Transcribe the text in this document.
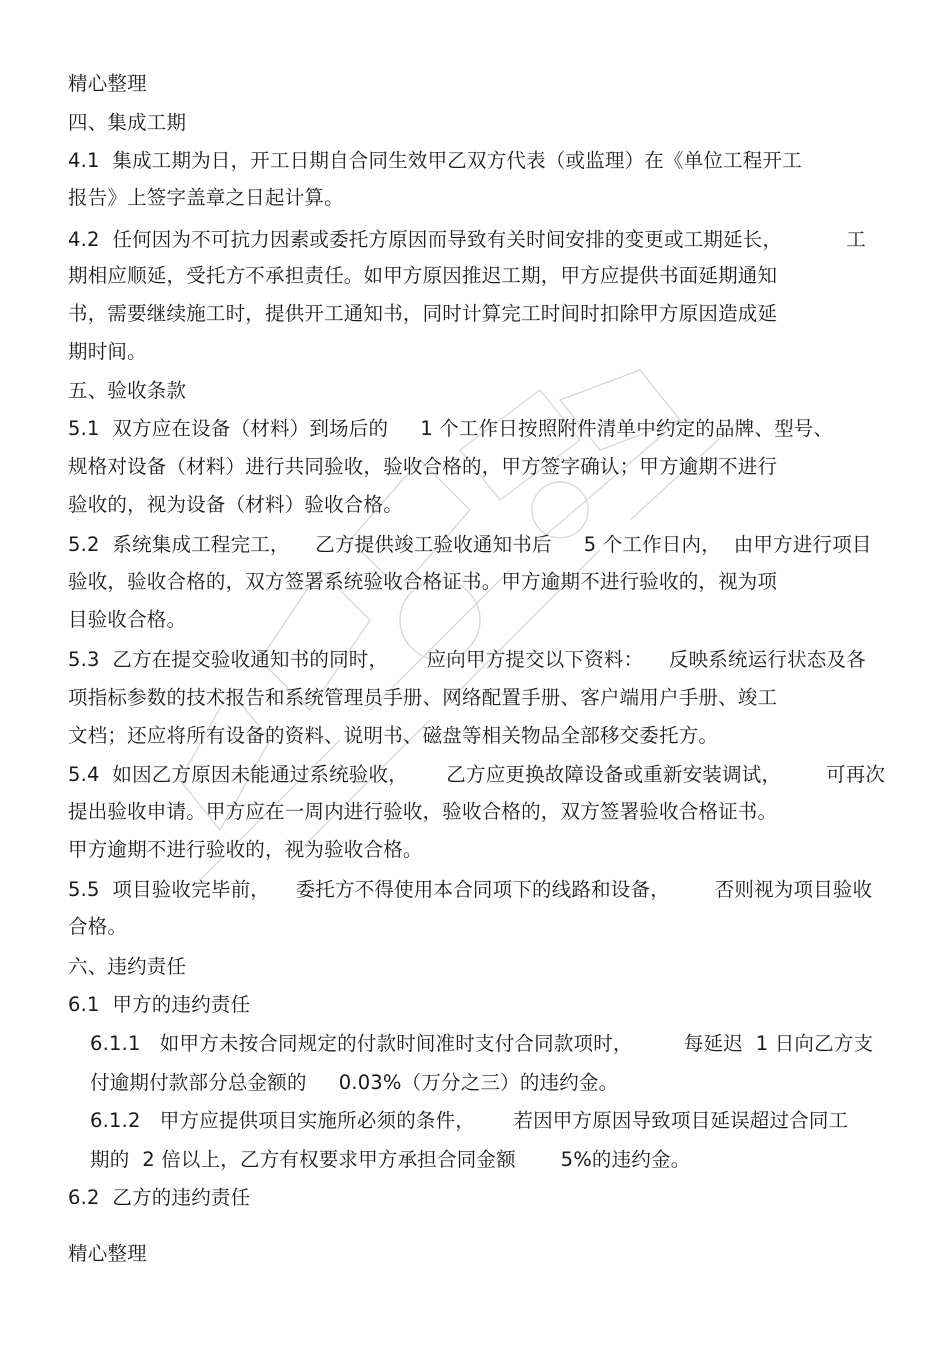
精心整理
四、集成工期
4.1  集成工期为日，开工日期自合同生效甲乙双方代表（或监理）在《单位工程开工
报告》上签字盖章之日起计算。
4.2  任何因为不可抗力因素或委托方原因而导致有关时间安排的变更或工期延长，          工
期相应顺延，受托方不承担责任。如甲方原因推迟工期，甲方应提供书面延期通知
书，需要继续施工时，提供开工通知书，同时计算完工时间时扣除甲方原因造成延
期时间。
五、验收条款
5.1  双方应在设备（材料）到场后的     1 个工作日按照附件清单中约定的品牌、型号、
规格对设备（材料）进行共同验收，验收合格的，甲方签字确认；甲方逾期不进行
验收的，视为设备（材料）验收合格。
5.2  系统集成工程完工，    乙方提供竣工验收通知书后     5 个工作日内，  由甲方进行项目
验收，验收合格的，双方签署系统验收合格证书。甲方逾期不进行验收的，视为项
目验收合格。
5.3  乙方在提交验收通知书的同时，      应向甲方提交以下资料：    反映系统运行状态及各
项指标参数的技术报告和系统管理员手册、网络配置手册、客户端用户手册、竣工
文档；还应将所有设备的资料、说明书、磁盘等相关物品全部移交委托方。
5.4  如因乙方原因未能通过系统验收，      乙方应更换故障设备或重新安装调试，       可再次
提出验收申请。甲方应在一周内进行验收，验收合格的，双方签署验收合格证书。
甲方逾期不进行验收的，视为验收合格。
5.5  项目验收完毕前，    委托方不得使用本合同项下的线路和设备，       否则视为项目验收
合格。
六、违约责任
6.1  甲方的违约责任
6.1.1   如甲方未按合同规定的付款时间准时支付合同款项时，        每延迟  1 日向乙方支
付逾期付款部分总金额的     0.03%（万分之三）的违约金。
6.1.2   甲方应提供项目实施所必须的条件，      若因甲方原因导致项目延误超过合同工
期的  2 倍以上，乙方有权要求甲方承担合同金额       5%的违约金。
6.2  乙方的违约责任
精心整理
